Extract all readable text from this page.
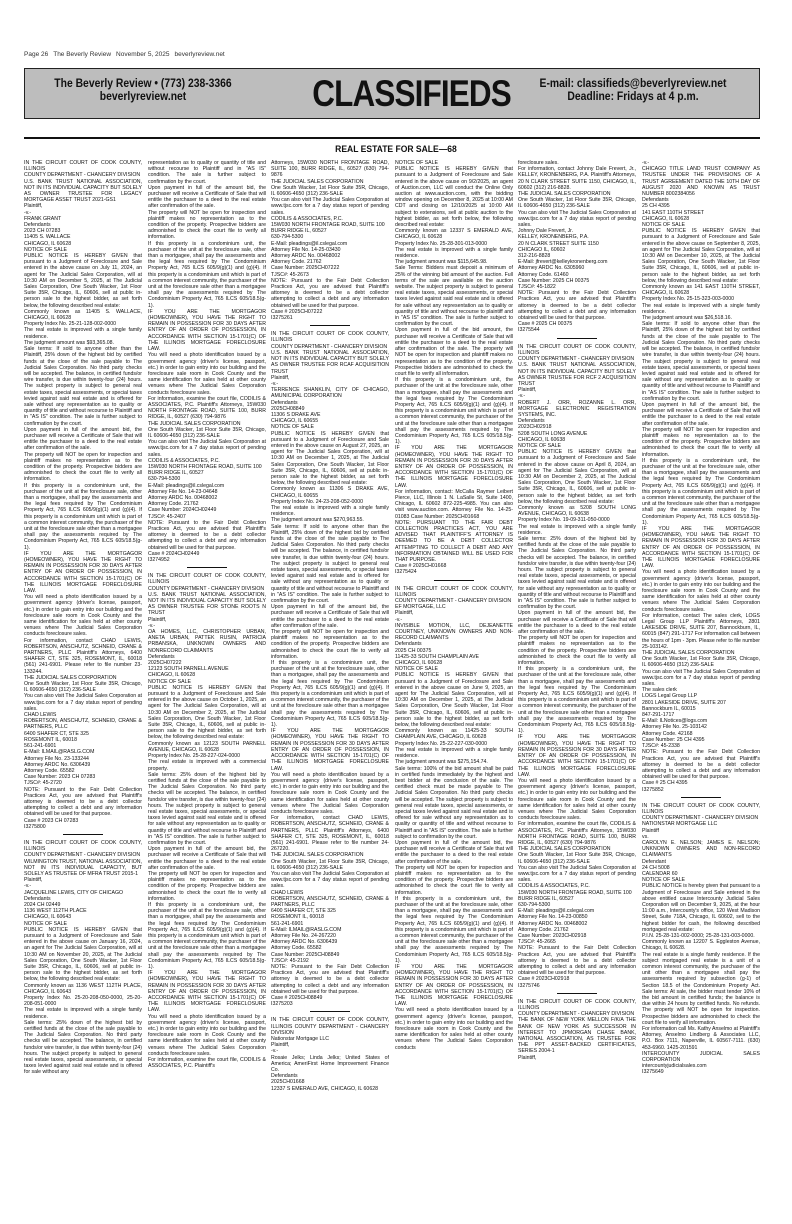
Page 26 The Beverly Review November 5, 2025 beverlyreview.net
The Beverly Review • (773) 238-3366
beverlyreview.net	CLASSIFIEDS	E-mail: classifieds@beverlyreview.net
Deadline: Fridays at 4 p.m.
REAL ESTATE FOR SALE—68

IN THE CIRCUIT COURT OF COOK COUNTY, ILLINOIS

COUNTY DEPARTMENT - CHANCERY DIVISION

U.S. BANK TRUST NATIONAL ASSOCIATION, NOT IN ITS INDIVIDUAL CAPACITY BUT SOLELY AS OWNER TRUSTEE FOR LEGACY MORTGAGE ASSET TRUST 2021-GS1

Plaintiff,

-v.-

FRANK GRANT

Defendants

2023 CH 07283

11405 S. WALLACE

CHICAGO, IL 60628

NOTICE OF SALE

PUBLIC NOTICE IS HEREBY GIVEN that pursuant to a Judgment of Foreclosure and Sale entered in the above cause on July 11, 2024, an agent for The Judicial Sales Corporation, will at 10:30 AM on December 5, 2025, at The Judicial Sales Corporation, One South Wacker, 1st Floor Suite 35R, Chicago, IL, 60606, sell at public in-person sale to the highest bidder, as set forth below, the following described real estate:

Commonly known as 11405 S. WALLACE, CHICAGO, IL 60628

Property Index No. 25-21-128-002-0000

The real estate is improved with a single family residence.

The judgment amount was $93,365.08.

Sale terms: If sold to anyone other than the Plaintiff, 25% down of the highest bid by certified funds at the close of the sale payable to The Judicial Sales Corporation. No third party checks will be accepted. The balance, in certified funds/or wire transfer, is due within twenty-four (24) hours. The subject property is subject to general real estate taxes, special assessments, or special taxes levied against said real estate and is offered for sale without any representation as to quality or quantity of title and without recourse to Plaintiff and in "AS IS" condition. The sale is further subject to confirmation by the court.

Upon payment in full of the amount bid, the purchaser will receive a Certificate of Sale that will entitle the purchaser to a deed to the real estate after confirmation of the sale.

The property will NOT be open for inspection and plaintiff makes no representation as to the condition of the property. Prospective bidders are admonished to check the court file to verify all information.

If this property is a condominium unit, the purchaser of the unit at the foreclosure sale, other than a mortgagee, shall pay the assessments and the legal fees required by The Condominium Property Act, 765 ILCS 605/9(g)(1) and (g)(4). If this property is a condominium unit which is part of a common interest community, the purchaser of the unit at the foreclosure sale other than a mortgagee shall pay the assessments required by The Condominium Property Act, 765 ILCS 605/18.5(g-1).

IF YOU ARE THE MORTGAGOR (HOMEOWNER), YOU HAVE THE RIGHT TO REMAIN IN POSSESSION FOR 30 DAYS AFTER ENTRY OF AN ORDER OF POSSESSION, IN ACCORDANCE WITH SECTION 15-1701(C) OF THE ILLINOIS MORTGAGE FORECLOSURE LAW.

You will need a photo identification issued by a government agency (driver's license, passport, etc.) in order to gain entry into our building and the foreclosure sale room in Cook County and the same identification for sales held at other county venues where The Judicial Sales Corporation conducts foreclosure sales.

For information, contact CHAD LEWIS, ROBERTSON, ANSCHUTZ, SCHNEID, CRANE & PARTNERS, PLLC Plaintiff's Attorneys, 6400 SHAFER CT, STE 325, ROSEMONT, IL, 60018 (561) 241-6901. Please refer to file number 23-133244.

THE JUDICIAL SALES CORPORATION

One South Wacker, 1st Floor Suite 35R, Chicago, IL 60606-4650 (312) 236-SALE

You can also visit The Judicial Sales Corporation at www.tjsc.com for a 7 day status report of pending sales.

CHAD LEWIS

ROBERTSON, ANSCHUTZ, SCHNEID, CRANE & PARTNERS, PLLC

6400 SHAFER CT, STE 325

ROSEMONT IL, 60018

561-241-6901

E-Mail: ILMAIL@RASLG.COM

Attorney File No. 23-133244

Attorney ARDC No. 6306439

Attorney Code. 65582

Case Number: 2023 CH 07283

TJSC#: 45-2720

NOTE: Pursuant to the Fair Debt Collection Practices Act, you are advised that Plaintiff's attorney is deemed to be a debt collector attempting to collect a debt and any information obtained will be used for that purpose.

Case # 2023 CH 07283

I3275800

IN THE CIRCUIT COURT OF COOK COUNTY, ILLINOIS

COUNTY DEPARTMENT - CHANCERY DIVISION

WILMINGTON TRUST, NATIONAL ASSOCIATION, NOT IN ITS INDIVIDUAL CAPACITY, BUT SOLELY AS TRUSTEE OF MFRA TRUST 2015-1

Plaintiff,

-v.-

JACQUELINE LEWIS, CITY OF CHICAGO

Defendants

2024 CH 02449

1136 WEST 112TH PLACE

CHICAGO, IL 60643

NOTICE OF SALE

PUBLIC NOTICE IS HEREBY GIVEN that pursuant to a Judgment of Foreclosure and Sale entered in the above cause on January 16, 2024, an agent for The Judicial Sales Corporation, will at 10:30 AM on November 20, 2025, at The Judicial Sales Corporation, One South Wacker, 1st Floor Suite 35R, Chicago, IL, 60606, sell at public in-person sale to the highest bidder, as set forth below, the following described real estate:

Commonly known as 1136 WEST 112TH PLACE, CHICAGO, IL 60643

Property Index No. 25-20-208-050-0000, 25-20-208-051-0000

The real estate is improved with a single family residence.

Sale terms: 25% down of the highest bid by certified funds at the close of the sale payable to The Judicial Sales Corporation. No third party checks will be accepted. The balance, in certified funds/or wire transfer, is due within twenty-four (24) hours. The subject property is subject to general real estate taxes, special assessments, or special taxes levied against said real estate and is offered for sale without any

representation as to quality or quantity of title and without recourse to Plaintiff and in "AS IS" condition. The sale is further subject to confirmation by the court.

Upon payment in full of the amount bid, the purchaser will receive a Certificate of Sale that will entitle the purchaser to a deed to the real estate after confirmation of the sale.

The property will NOT be open for inspection and plaintiff makes no representation as to the condition of the property. Prospective bidders are admonished to check the court file to verify all information.

If this property is a condominium unit, the purchaser of the unit at the foreclosure sale, other than a mortgagee, shall pay the assessments and the legal fees required by The Condominium Property Act, 765 ILCS 605/9(g)(1) and (g)(4). If this property is a condominium unit which is part of a common interest community, the purchaser of the unit at the foreclosure sale other than a mortgagee shall pay the assessments required by The Condominium Property Act, 765 ILCS 605/18.5(g-1).

IF YOU ARE THE MORTGAGOR (HOMEOWNER), YOU HAVE THE RIGHT TO REMAIN IN POSSESSION FOR 30 DAYS AFTER ENTRY OF AN ORDER OF POSSESSION, IN ACCORDANCE WITH SECTION 15-1701(C) OF THE ILLINOIS MORTGAGE FORECLOSURE LAW.

You will need a photo identification issued by a government agency (driver's license, passport, etc.) in order to gain entry into our building and the foreclosure sale room in Cook County and the same identification for sales held at other county venues where The Judicial Sales Corporation conducts foreclosure sales.

For information, examine the court file, CODILIS & ASSOCIATES, P.C. Plaintiff's Attorneys, 15W030 NORTH FRONTAGE ROAD, SUITE 100, BURR RIDGE, IL, 60527 (630) 794-9876

THE JUDICIAL SALES CORPORATION

One South Wacker, 1st Floor Suite 35R, Chicago, IL 60606-4650 (312) 236-SALE

You can also visit The Judicial Sales Corporation at www.tjsc.com for a 7 day status report of pending sales.

CODILIS & ASSOCIATES, P.C.

15W030 NORTH FRONTAGE ROAD, SUITE 100

BURR RIDGE IL, 60527

630-794-5300

E-Mail: pleadings@il.cslegal.com

Attorney File No. 14-23-04648

Attorney ARDC No. 00468002

Attorney Code. 21762

Case Number: 2024CH02449

TJSC#: 45-2407

NOTE: Pursuant to the Fair Debt Collection Practices Act, you are advised that Plaintiff's attorney is deemed to be a debt collector attempting to collect a debt and any information obtained will be used for that purpose.

Case # 2024CH02449

I3274952

IN THE CIRCUIT COURT OF COOK COUNTY, ILLINOIS

COUNTY DEPARTMENT - CHANCERY DIVISION

U.S. BANK TRUST NATIONAL ASSOCIATION, NOT IN ITS INDIVIDUAL CAPACITY BUT SOLELY AS OWNER TRUSTEE FOR STONE ROOTS N TRUST

Plaintiff,

-v.-

OA HOMES, LLC, CHRISTOPHER URBAN, ANETA URBAN, PATTEK RUSIN, PATRICIA PRBANSKA, UNKNOWN OWNERS AND NONRECORD CLAIMANTS

Defendants

2025CH07222

12123 SOUTH PARNELL AVENUE

CHICAGO, IL 60628

NOTICE OF SALE

PUBLIC NOTICE IS HEREBY GIVEN that pursuant to a Judgment of Foreclosure and Sale entered in the above cause on October 1, 2025, an agent for The Judicial Sales Corporation, will at 10:30 AM on December 2, 2025, at The Judicial Sales Corporation, One South Wacker, 1st Floor Suite 35R, Chicago, IL, 60606, sell at public in-person sale to the highest bidder, as set forth below, the following described real estate:

Commonly known as 12123 SOUTH PARNELL AVENUE, CHICAGO, IL 60628

Property Index No. 25-28-227-024-0000

The real estate is improved with a commercial property.

Sale terms: 25% down of the highest bid by certified funds at the close of the sale payable to The Judicial Sales Corporation. No third party checks will be accepted. The balance, in certified funds/or wire transfer, is due within twenty-four (24) hours. The subject property is subject to general real estate taxes, special assessments, or special taxes levied against said real estate and is offered for sale without any representation as to quality or quantity of title and without recourse to Plaintiff and in "AS IS" condition. The sale is further subject to confirmation by the court.

Upon payment in full of the amount bid, the purchaser will receive a Certificate of Sale that will entitle the purchaser to a deed to the real estate after confirmation of the sale.

The property will NOT be open for inspection and plaintiff makes no representation as to the condition of the property. Prospective bidders are admonished to check the court file to verify all information.

If this property is a condominium unit, the purchaser of the unit at the foreclosure sale, other than a mortgagee, shall pay the assessments and the legal fees required by The Condominium Property Act, 765 ILCS 605/9(g)(1) and (g)(4). If this property is a condominium unit which is part of a common interest community, the purchaser of the unit at the foreclosure sale other than a mortgagee shall pay the assessments required by The Condominium Property Act, 765 ILCS 605/18.5(g-1).

IF YOU ARE THE MORTGAGOR (HOMEOWNER), YOU HAVE THE RIGHT TO REMAIN IN POSSESSION FOR 30 DAYS AFTER ENTRY OF AN ORDER OF POSSESSION, IN ACCORDANCE WITH SECTION 15-1701(C) OF THE ILLINOIS MORTGAGE FORECLOSURE LAW.

You will need a photo identification issued by a government agency (driver's license, passport, etc.) in order to gain entry into our building and the foreclosure sale room in Cook County and the same identification for sales held at other county venues where The Judicial Sales Corporation conducts foreclosure sales.

For information, examine the court file, CODILIS & ASSOCIATES, P.C. Plaintiff's

Attorneys, 15W030 NORTH FRONTAGE ROAD, SUITE 100, BURR RIDGE, IL, 60527 (630) 794-9876

THE JUDICIAL SALES CORPORATION

One South Wacker, 1st Floor Suite 35R, Chicago, IL 60606-4650 (312) 236-SALE

You can also visit The Judicial Sales Corporation at www.tjsc.com for a 7 day status report of pending sales.

CODILIS & ASSOCIATES, P.C.

15W030 NORTH FRONTAGE ROAD, SUITE 100

BURR RIDGE IL, 60527

630-794-5300

E-Mail: pleadings@il.cslegal.com

Attorney File No. 14-25-03430

Attorney ARDC No. 00468002

Attorney Code. 21762

Case Number: 2025CH07222

TJSC#: 45-2673

NOTE: Pursuant to the Fair Debt Collection Practices Act, you are advised that Plaintiff's attorney is deemed to be a debt collector attempting to collect a debt and any information obtained will be used for that purpose.

Case # 2025CH07222

I3275261

IN THE CIRCUIT COURT OF COOK COUNTY, ILLINOIS

COUNTY DEPARTMENT - CHANCERY DIVISION

U.S. BANK TRUST NATIONAL ASSOCIATION, NOT IN ITS INDIVIDUAL CAPACITY BUT SOLELY AS OWNER TRUSTEE FOR RCAF ACQUISITION TRUST

Plaintiff,

-v.-

TERRENCE SHANKLIN, CITY OF CHICAGO, AMUNICIPAL CORPORATION

Defendants

2025CH08849

11306 S DRAKE AVE

CHICAGO, IL 60655

NOTICE OF SALE

PUBLIC NOTICE IS HEREBY GIVEN that pursuant to a Judgment of Foreclosure and Sale entered in the above cause on August 27, 2025, an agent for The Judicial Sales Corporation, will at 10:30 AM on December 1, 2025, at The Judicial Sales Corporation, One South Wacker, 1st Floor Suite 35R, Chicago, IL, 60606, sell at public in-person sale to the highest bidder, as set forth below, the following described real estate:

Commonly known as 11306 S DRAKE AVE, CHICAGO, IL 60655

Property Index No. 24-23-208-052-0000

The real estate is improved with a single family residence.

The judgment amount was $270,963.55.

Sale terms: If sold to anyone other than the Plaintiff, 25% down of the highest bid by certified funds at the close of the sale payable to The Judicial Sales Corporation. No third party checks will be accepted. The balance, in certified funds/or wire transfer, is due within twenty-four (24) hours. The subject property is subject to general real estate taxes, special assessments, or special taxes levied against said real estate and is offered for sale without any representation as to quality or quantity of title and without recourse to Plaintiff and in "AS IS" condition. The sale is further subject to confirmation by the court.

Upon payment in full of the amount bid, the purchaser will receive a Certificate of Sale that will entitle the purchaser to a deed to the real estate after confirmation of the sale.

The property will NOT be open for inspection and plaintiff makes no representation as to the condition of the property. Prospective bidders are admonished to check the court file to verify all information.

If this property is a condominium unit, the purchaser of the unit at the foreclosure sale, other than a mortgagee, shall pay the assessments and the legal fees required by The Condominium Property Act, 765 ILCS 605/9(g)(1) and (g)(4). If this property is a condominium unit which is part of a common interest community, the purchaser of the unit at the foreclosure sale other than a mortgagee shall pay the assessments required by The Condominium Property Act, 765 ILCS 605/18.5(g-1).

IF YOU ARE THE MORTGAGOR (HOMEOWNER), YOU HAVE THE RIGHT TO REMAIN IN POSSESSION FOR 30 DAYS AFTER ENTRY OF AN ORDER OF POSSESSION, IN ACCORDANCE WITH SECTION 15-1701(C) OF THE ILLINOIS MORTGAGE FORECLOSURE LAW.

You will need a photo identification issued by a government agency (driver's license, passport, etc.) in order to gain entry into our building and the foreclosure sale room in Cook County and the same identification for sales held at other county venues where The Judicial Sales Corporation conducts foreclosure sales.

For information, contact CHAD LEWIS, ROBERTSON, ANSCHUTZ, SCHNEID, CRANE & PARTNERS, PLLC Plaintiff's Attorneys, 6400 SHAFER CT, STE 325, ROSEMONT, IL, 60018 (561) 241-6901. Please refer to file number 24-267220.

THE JUDICIAL SALES CORPORATION

One South Wacker, 1st Floor Suite 35R, Chicago, IL 60606-4650 (312) 236-SALE

You can also visit The Judicial Sales Corporation at www.tjsc.com for a 7 day status report of pending sales.

CHAD LEWIS

ROBERTSON, ANSCHUTZ, SCHNEID, CRANE & PARTNERS, PLLC

6400 SHAFER CT, STE 325

ROSEMONT IL, 60018

561-241-6901

E-Mail: ILMAIL@RASLG.COM

Attorney File No. 24-267220

Attorney ARDC No. 6306439

Attorney Code. 65582

Case Number: 2025CH08849

TJSC#: 45-2192

NOTE: Pursuant to the Fair Debt Collection Practices Act, you are advised that Plaintiff's attorney is deemed to be a debt collector attempting to collect a debt and any information obtained will be used for that purpose.

Case # 2025CH08849

I3275203

IN THE CIRCUIT COURT OF COOK COUNTY, ILLINOIS COUNTY DEPARTMENT - CHANCERY DIVISION

Nationstar Mortgage LLC

Plaintiff,

-v.-

Rosaie Jelks; Linda Jelks; United States of America; AmeriFirst Home Improvement Finance Co.

Defendants

2025CH01668

12337 S EMERALD AVE, CHICAGO, IL 60628

NOTICE OF SALE

PUBLIC NOTICE IS HEREBY GIVEN that pursuant to a Judgment of Foreclosure and Sale entered in the above cause on 9/2/2025, an agent of Auction.com, LLC will conduct the Online Only auction at www.auction.com, with the bidding window opening on December 8, 2025 at 10:00 AM CDT and closing on 12/10/2025 at 10:00 AM subject to extensions, sell at public auction to the highest bidder, as set forth below, the following described real estate:

Commonly known as 12337 S EMERALD AVE, CHICAGO, IL 60628

Property Index No. 25-28-301-013-0000

The real estate is improved with a single family residence.

The judgment amount was $115,645.98.

Sale Terms: Bidders must deposit a minimum of 25% of the winning bid amount of the auction. Full terms of the sale are available on the auction website. The subject property is subject to general real estate taxes, special assessments, or special taxes levied against said real estate and is offered for sale without any representation as to quality or quantity of title and without recourse to plaintiff and in "AS IS" condition. The sale is further subject to confirmation by the court.

Upon payment in full of the bid amount, the purchaser will receive a Certificate of Sale that will entitle the purchaser to a deed to the real estate after confirmation of the sale. The property will NOT be open for inspection and plaintiff makes no representation as to the condition of the property. Prospective bidders are admonished to check the court file to verify all information.

If this property is a condominium unit, the purchaser of the unit at the foreclosure sale, other than a mortgagee, shall pay the assessments and the legal fees required by The Condominium Property Act, 765 ILCS 605/9(g)(1) and (g)(4). If this property is a condominium unit which is part of a common interest community, the purchaser of the unit at the foreclosure sale other than a mortgagee shall pay the assessments required by The Condominium Property Act, 765 ILCS 605/18.5(g-1).

IF YOU ARE THE MORTGAGOR (HOMEOWNER), YOU HAVE THE RIGHT TO REMAIN IN POSSESSION FOR 30 DAYS AFTER ENTRY OF AN ORDER OF POSSESSION, IN ACCORDANCE WITH SECTION 15-1701(C) OF THE ILLINOIS MORTGAGE FORECLOSURE LAW.

For information, contact: McCalla Raymer Leibert Pierce, LLC, Illinois 1 N. LaSalle St, Suite 1400, Chicago, IL 60602 872-225-4985. You can also visit www.auction.com. Attorney File No. 14-25-01083 Case Number: 2025CH01668

NOTE: PURSUANT TO THE FAIR DEBT COLLECTION PRACTICES ACT, YOU ARE ADVISED THAT PLAINTIFF'S ATTORNEY IS DEEMED TO BE A DEBT COLLECTOR ATTEMPTING TO COLLECT A DEBT AND ANY INFORMATION OBTAINED WILL BE USED FOR THAT PURPOSE.

Case # 2025CH01668

I3275424

IN THE CIRCUIT COURT OF COOK COUNTY, ILLINOIS

COUNTY DEPARTMENT - CHANCERY DIVISION

EF MORTGAGE, LLC

Plaintiff,

-v.-

INVISIBLE MOTION, LLC, DEJEANETTE COURTNEY, UNKNOWN OWNERS AND NON-RECORD CLAIMANTS

Defendants

2025 CH 00375

11425-33 SOUTH CHAMPLAIN AVE

CHICAGO, IL 60628

NOTICE OF SALE

PUBLIC NOTICE IS HEREBY GIVEN that pursuant to a Judgment of Foreclosure and Sale entered in the above cause on June 9, 2025, an agent for The Judicial Sales Corporation, will at 10:30 AM on December 1, 2025, at The Judicial Sales Corporation, One South Wacker, 1st Floor Suite 35R, Chicago, IL, 60606, sell at public in-person sale to the highest bidder, as set forth below, the following described real estate:

Commonly known as 11425-33 SOUTH CHAMPLAIN AVE, CHICAGO, IL 60628

Property Index No. 25-22-227-030-0000

The real estate is improved with a single family residence.

The judgment amount was $275,154.74.

Sale terms: 100% of the bid amount shall be paid in certified funds immediately by the highest and best bidder at the conclusion of the sale. The certified check must be made payable to The Judicial Sales Corporation. No third party checks will be accepted. The subject property is subject to general real estate taxes, special assessments, or special taxes levied against said real estate and is offered for sale without any representation as to quality or quantity of title and without recourse to Plaintiff and in "AS IS" condition. The sale is further subject to confirmation by the court.

Upon payment in full of the amount bid, the purchaser will receive a Certificate of Sale that will entitle the purchaser to a deed to the real estate after confirmation of the sale.

The property will NOT be open for inspection and plaintiff makes no representation as to the condition of the property. Prospective bidders are admonished to check the court file to verify all information.

If this property is a condominium unit, the purchaser of the unit at the foreclosure sale, other than a mortgagee, shall pay the assessments and the legal fees required by The Condominium Property Act, 765 ILCS 605/9(g)(1) and (g)(4). If this property is a condominium unit which is part of a common interest community, the purchaser of the unit at the foreclosure sale other than a mortgagee shall pay the assessments required by The Condominium Property Act, 765 ILCS 605/18.5(g-1).

IF YOU ARE THE MORTGAGOR (HOMEOWNER), YOU HAVE THE RIGHT TO REMAIN IN POSSESSION FOR 30 DAYS AFTER ENTRY OF AN ORDER OF POSSESSION, IN ACCORDANCE WITH SECTION 15-1701(C) OF THE ILLINOIS MORTGAGE FORECLOSURE LAW.

You will need a photo identification issued by a government agency (driver's license, passport, etc.) in order to gain entry into our building and the foreclosure sale room in Cook County and the same identification for sales held at other county venues where The Judicial Sales Corporation conducts

foreclosure sales.

For information, contact Johnny Dale Frevert, Jr., KELLEY, KRONENBERG, P.A. Plaintiff's Attorneys, 20 N CLARK STREET SUITE 1150, CHICAGO, IL, 60602 (312) 216-8828.

THE JUDICIAL SALES CORPORATION

One South Wacker, 1st Floor Suite 35R, Chicago, IL 60606-4650 (312) 236-SALE

You can also visit The Judicial Sales Corporation at www.tjsc.com for a 7 day status report of pending sales.

Johnny Dale Frevert, Jr.

KELLEY, KRONENBERG, P.A.

20 N CLARK STREET SUITE 1150

CHICAGO IL, 60602

312-216-8828

E-Mail: jfrevert@kelleykronenberg.com

Attorney ARDC No. 6305960

Attorney Code. 61460

Case Number: 2025 CH 00375

TJSC#: 45-1822

NOTE: Pursuant to the Fair Debt Collection Practices Act, you are advised that Plaintiff's attorney is deemed to be a debt collector attempting to collect a debt and any information obtained will be used for that purpose.

Case # 2025 CH 00375

I3275544

IN THE CIRCUIT COURT OF COOK COUNTY, ILLINOIS

COUNTY DEPARTMENT - CHANCERY DIVISION

U.S. BANK TRUST NATIONAL ASSOCIATION, NOT IN ITS INDIVIDUAL CAPACITY BUT SOLELY AS OWNER TRUSTEE FOR RCF 2 ACQUISITION TRUST

Plaintiff,

-v.-

ROBERT J. ORR, ROZANNE L. ORR, MORTGAGE ELECTRONIC REGISTRATION SYSTEMS, INC.

Defendants

2023CH02918

5208 SOUTH LONG AVENUE

CHICAGO, IL 60638

NOTICE OF SALE

PUBLIC NOTICE IS HEREBY GIVEN that pursuant to a Judgment of Foreclosure and Sale entered in the above cause on April 8, 2024, an agent for The Judicial Sales Corporation, will at 10:30 AM on December 2, 2025, at The Judicial Sales Corporation, One South Wacker, 1st Floor Suite 35R, Chicago, IL, 60606, sell at public in-person sale to the highest bidder, as set forth below, the following described real estate:

Commonly known as 5208 SOUTH LONG AVENUE, CHICAGO, IL 60638

Property Index No. 19-09-311-050-0000

The real estate is improved with a single family residence.

Sale terms: 25% down of the highest bid by certified funds at the close of the sale payable to The Judicial Sales Corporation. No third party checks will be accepted. The balance, in certified funds/or wire transfer, is due within twenty-four (24) hours. The subject property is subject to general real estate taxes, special assessments, or special taxes levied against said real estate and is offered for sale without any representation as to quality or quantity of title and without recourse to Plaintiff and in "AS IS" condition. The sale is further subject to confirmation by the court.

Upon payment in full of the amount bid, the purchaser will receive a Certificate of Sale that will entitle the purchaser to a deed to the real estate after confirmation of the sale.

The property will NOT be open for inspection and plaintiff makes no representation as to the condition of the property. Prospective bidders are admonished to check the court file to verify all information.

If this property is a condominium unit, the purchaser of the unit at the foreclosure sale, other than a mortgagee, shall pay the assessments and the legal fees required by The Condominium Property Act, 765 ILCS 605/9(g)(1) and (g)(4). If this property is a condominium unit which is part of a common interest community, the purchaser of the unit at the foreclosure sale other than a mortgagee shall pay the assessments required by The Condominium Property Act, 765 ILCS 605/18.5(g-1).

IF YOU ARE THE MORTGAGOR (HOMEOWNER), YOU HAVE THE RIGHT TO REMAIN IN POSSESSION FOR 30 DAYS AFTER ENTRY OF AN ORDER OF POSSESSION, IN ACCORDANCE WITH SECTION 15-1701(C) OF THE ILLINOIS MORTGAGE FORECLOSURE LAW.

You will need a photo identification issued by a government agency (driver's license, passport, etc.) in order to gain entry into our building and the foreclosure sale room in Cook County and the same identification for sales held at other county venues where The Judicial Sales Corporation conducts foreclosure sales.

For information, examine the court file, CODILIS & ASSOCIATES, P.C. Plaintiff's Attorneys, 15W030 NORTH FRONTAGE ROAD, SUITE 100, BURR RIDGE, IL, 60527 (630) 794-9876

THE JUDICIAL SALES CORPORATION

One South Wacker, 1st Floor Suite 35R, Chicago, IL 60606-4650 (312) 236-SALE

You can also visit The Judicial Sales Corporation at www.tjsc.com for a 7 day status report of pending sales.

CODILIS & ASSOCIATES, P.C.

15W030 NORTH FRONTAGE ROAD, SUITE 100

BURR RIDGE IL, 60527

630-794-5300

E-Mail: pleadings@il.cslegal.com

Attorney File No. 14-23-00850

Attorney ARDC No. 00468002

Attorney Code. 21762

Case Number: 2023CH02918

TJSC#: 45-2665

NOTE: Pursuant to the Fair Debt Collection Practices Act, you are advised that Plaintiff's attorney is deemed to be a debt collector attempting to collect a debt and any information obtained will be used for that purpose.

Case # 2023CH02918

I3275746

IN THE CIRCUIT COURT OF COOK COUNTY, ILLINOIS

COUNTY DEPARTMENT - CHANCERY DIVISION

THE BANK OF NEW YORK MELLON F/K/A THE BANK OF NEW YORK AS SUCCESSOR IN INTEREST TO JPMORGAN CHASE BANK, NATIONAL ASSOCIATION, AS TRUSTEE FOR THE PPT ASSET-BACKED CERTIFICATES, SERIES 2004-1

Plaintiff,

-v.-

CHICAGO TITLE LAND TRUST COMPANY AS TRUSTEE UNDER THE PROVISIONS OF A TRUST AGREEMENT DATED THE 10TH DAY OF AUGUST 2020 AND KNOWN AS TRUST NUMBER 8002384056

Defendants

25 CH 4395

141 EAST 110TH STREET

CHICAGO, IL 60628

NOTICE OF SALE

PUBLIC NOTICE IS HEREBY GIVEN that pursuant to a Judgment of Foreclosure and Sale entered in the above cause on September 8, 2025, an agent for The Judicial Sales Corporation, will at 10:30 AM on December 10, 2025, at The Judicial Sales Corporation, One South Wacker, 1st Floor Suite 35R, Chicago, IL, 60606, sell at public in-person sale to the highest bidder, as set forth below, the following described real estate:

Commonly known as 141 EAST 110TH STREET, CHICAGO, IL 60628

Property Index No. 25-15-323-003-0000

The real estate is improved with a single family residence.

The judgment amount was $26,518.16.

Sale terms: If sold to anyone other than the Plaintiff, 25% down of the highest bid by certified funds at the close of the sale payable to The Judicial Sales Corporation. No third party checks will be accepted. The balance, in certified funds/or wire transfer, is due within twenty-four (24) hours. The subject property is subject to general real estate taxes, special assessments, or special taxes levied against said real estate and is offered for sale without any representation as to quality or quantity of title and without recourse to Plaintiff and in "AS IS" condition. The sale is further subject to confirmation by the court.

Upon payment in full of the amount bid, the purchaser will receive a Certificate of Sale that will entitle the purchaser to a deed to the real estate after confirmation of the sale.

The property will NOT be open for inspection and plaintiff makes no representation as to the condition of the property. Prospective bidders are admonished to check the court file to verify all information.

If this property is a condominium unit, the purchaser of the unit at the foreclosure sale, other than a mortgagee, shall pay the assessments and the legal fees required by The Condominium Property Act, 765 ILCS 605/9(g)(1) and (g)(4). If this property is a condominium unit which is part of a common interest community, the purchaser of the unit at the foreclosure sale other than a mortgagee shall pay the assessments required by The Condominium Property Act, 765 ILCS 605/18.5(g-1).

IF YOU ARE THE MORTGAGOR (HOMEOWNER), YOU HAVE THE RIGHT TO REMAIN IN POSSESSION FOR 30 DAYS AFTER ENTRY OF AN ORDER OF POSSESSION, IN ACCORDANCE WITH SECTION 15-1701(C) OF THE ILLINOIS MORTGAGE FORECLOSURE LAW.

You will need a photo identification issued by a government agency (driver's license, passport, etc.) in order to gain entry into our building and the foreclosure sale room in Cook County and the same identification for sales held at other county venues where The Judicial Sales Corporation conducts foreclosure sales.

For information, contact The sales clerk, LOGS Legal Group LLP Plaintiff's Attorneys, 2801 LAKESIDE DRIVE, SUITE 207, Bannockburn, IL, 60015 (847) 291-1717 For information call between the hours of 1pm - 3pm. Please refer to file number 25-103142.

THE JUDICIAL SALES CORPORATION

One South Wacker, 1st Floor Suite 35R, Chicago, IL 60606-4650 (312) 236-SALE

You can also visit The Judicial Sales Corporation at www.tjsc.com for a 7 day status report of pending sales.

The sales clerk

LOGS Legal Group LLP

2801 LAKESIDE DRIVE, SUITE 207

Bannockburn IL, 60015

847-291-1717

E-Mail: ILNotices@logs.com

Attorney File No. 25-103142

Attorney Code. 42168

Case Number: 25 CH 4395

TJSC#: 45-2338

NOTE: Pursuant to the Fair Debt Collection Practices Act, you are advised that Plaintiff's attorney is deemed to be a debt collector attempting to collect a debt and any information obtained will be used for that purpose.

Case # 25 CH 4395

I3275852

IN THE CIRCUIT COURT OF COOK COUNTY, ILLINOIS

COUNTY DEPARTMENT - CHANCERY DIVISION

NATIONSTAR MORTGAGE LLC

Plaintiff

vs.

CAROLYN E. NELSON; JAMES E. NELSON; UNKNOWN OWNERS AND NON-RECORD CLAIMANTS

Defendant

24 CH 5008

CALENDAR 60

NOTICE OF SALE

PUBLIC NOTICE is hereby given that pursuant to a Judgment of Foreclosure and Sale entered in the above entitled cause Intercounty Judicial Sales Corporation will on December 9, 2025, at the hour 11:00 a.m., Intercounty's office, 120 West Madison Street, Suite 718A, Chicago, IL 60602, sell to the highest bidder for cash, the following described mortgaged real estate:

P.I.N. 25-28-131-002-0000; 25-28-131-003-0000.

Commonly known as 12207 S. Eggleston Avenue, Chicago, IL 60628.

The real estate is a single family residence. If the subject mortgaged real estate is a unit of a common interest community, the purchaser of the unit other than a mortgagee shall pay the assessments required by subsection (g-1) of Section 18.5 of the Condominium Property Act. Sale terms: At sale, the bidder must tender 10% of the bid amount in certified funds; the balance is due within 24 hours by certified funds. No refunds. The property will NOT be open for inspection. Prospective bidders are admonished to check the court file to verify all information.

For information call Ms. Kathy Anselmo at Plaintiff's Attorney, Anselmo Lindberg & Associates LLC, P.O. Box 7111, Naperville, IL 60567-7111. (630) 453-6960. 1425-201591

INTERCOUNTY JUDICIAL SALES CORPORATION

intercountyjudicialsales.com

I3275649
